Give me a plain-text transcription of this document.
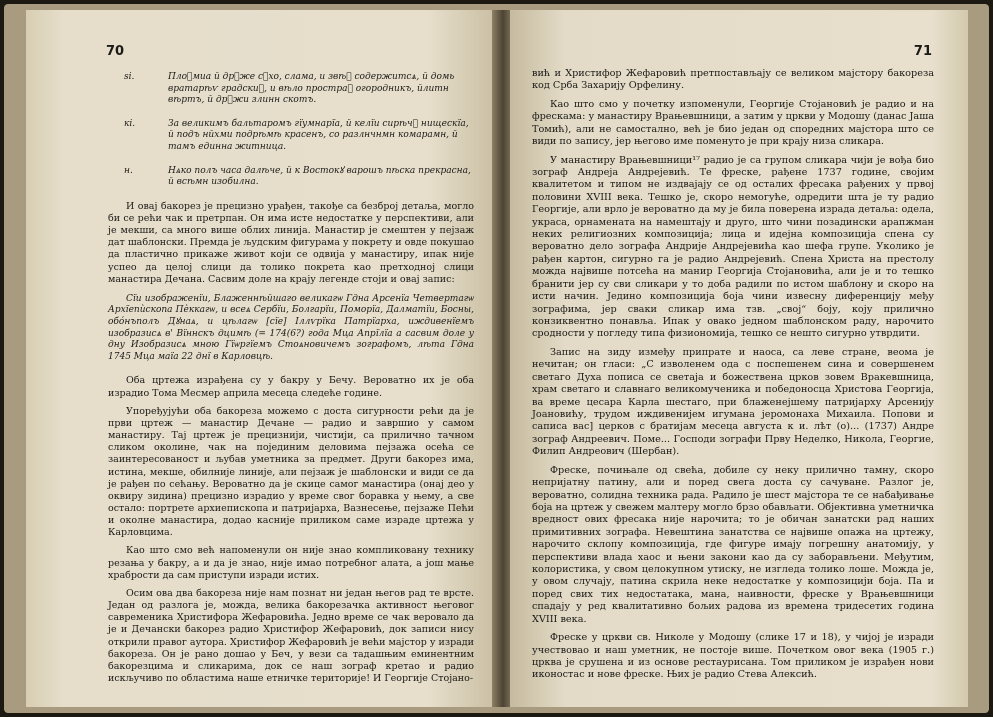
70
ѕі.	Плоⷣмиа й дрꙋже сꙋхо, слама, и звѣⷯ содержитсѧ, й домь вратарѣѵ градскиⷯ, и вѣло простраⷩ огородникъ, йлитн вѣртъ, й дрꙋжи злинн скотъ.
кі.	За великимъ бальтаромъ гїумнарїа, й келїи сирѣчⷩ нищескїа, й подъ нйхми подрѣмѣ красенъ, со разлнчнмн комарамн, й тамъ единна житница.
н.	Нѧко полъ часа далѣче, й к Востокꙋ варошъ пѣска прекрасна, й всѣмн изобилна.

И овај бакорез је прецизно урађен, такође са безброј детаља, могло би се рећи чак и претрпан. Он има исте недостатке у перспективи, али је мекши, са много више облих линија. Манастир је смештен у пејзаж дат шаблонски. Премда је људским фигурама у покрету и овде покушао да пластично прикаже живот који се одвија у манастиру, ипак није успео да целој слици да толико покрета као претходној слици манастира Дечана. Сасвим доле на крају легенде стоји и овај запис:

Сїи изображенїи, Блаженнѣйшаго великагѡ Гдна Арсенїа Четвертагѡ Архїепѝскопа Пѐккагѡ, и всеѧ Сербїи, Болгарїи, Поморїа, Далматїи, Босны, обо́нъполъ Дꙋнаѧ, и цѣлагѡ [сїе] Іллѵрїка Патрїарха, иждивенїемъ изобразисѧ в' Вїннскъ дцимѣ (= 174(6?) года Мца Апрїлїа а сасвим доле у дну Изобразисѧ мною Гїѡргїемъ Стоѧновичемъ зографомъ, лѣта Гдна 1745 Мца маїа 22 днї в Карловцѣ.

Оба цртежа израђена су у бакру у Бечу. Вероватно их је оба израдио Тома Месмер априла месеца следеће године.

Упоређујући оба бакореза можемо с доста сигурности рећи да је први цртеж — манастир Дечане — радио и завршио у самом манастиру. Тај цртеж је прецизнији, чистији, са прилично тачном сликом околине, чак на појединим деловима пејзажа осећа се заинтересованост и љубав уметника за предмет. Други бакорез има, истина, мекше, обилније линије, али пејзаж је шаблонски и види се да је рађен по сећању. Вероватно да је скице самог манастира (онај део у оквиру зидина) прецизно израдио у време свог боравка у њему, а све остало: портрете архиепископа и патријарха, Вазнесење, пејзаже Пећи и околне манастира, додао касније приликом саме израде цртежа у Карловцима.

Као што смо већ напоменули он није знао компликовану технику резања у бакру, а и да је знао, није имао потребног алата, а још мање храбрости да сам приступи изради истих.

Осим ова два бакореза није нам познат ни један његов рад те врсте. Један од разлога је, можда, велика бакорезачка активност његовог савременика Христифора Жефаровића. Једно време се чак веровало да је и Дечански бакорез радио Христифор Жефаровић, док записи нису открили правог аутора. Христифор Жефаровић је већи мајстор у изради бакореза. Он је рано дошао у Беч, у вези са тадашњим еминентним бакорезцима и сликарима, док се наш зограф кретао и радио искључиво по областима наше етничке територије! И Георгије Стојано-

71

вић и Христифор Жефаровић претпостављају се великом мајстору бакореза код Срба Захарију Орфелину.

Као што смо у почетку изпоменули, Георгије Стојановић је радио и на фрескама: у манастиру Врањевшници, а затим у цркви у Модошу (данас Јаша Томић), али не самостално, већ је био један од споредних мајстора што се види по запису, јер његово име поменуто је при крају низа сликара.

У манастиру Врањевшници¹⁷ радио је са групом сликара чији је вођа био зограф Андреја Андрејевић. Те фреске, рађене 1737 године, својим квалитетом и типом не издвајају се од осталих фресака рађених у првој половини XVIII века. Тешко је, скоро немогуће, одредити шта је ту радио Георгије, али врло је вероватно да му је била поверена израда детаља: одела, украса, орнамената на намештају и друго, што чини позадински арапжман неких религиозних композиција; лица и идејна композиција спена су вероватно дело зографа Андрије Андрејевића као шефа групе. Уколико је рађен картон, сигурно га је радио Андрејевић. Спена Христа на престолу можда највише потсећа на манир Георгија Стојановића, али је и то тешко бранити јер су сви сликари у то доба радили по истом шаблону и скоро на исти начин. Једино композиција боја чини извесну диференцију међу зографима, јер сваки сликар има тзв. „свој“ боју, коју прилично конзиквентно понавља. Ипак у овако једном шаблонском раду, нарочито сродности у погледу типа физиономија, тешко се нешто сигурно утврдити.

Запис на зиду између припрате и наоса, са леве стране, веома је нечитан; он гласи: „С изволенем ода с поспешенем сина и совершенем светаго Духа пописа се светаја и божествена црков зовем Вракевшница, храм светаго и славнаго великомученика и победоносца Христова Георгија, ва време цесара Карла шестаго, при блаженејшему патријарху Арсенију Јоановићу, трудом иждивенијем игумана јеромонаха Михаила. Попови и саписа вас] церков с братијам месеца августа к и. лѣт (о)... (1737) Андре зограф Андреевич. Поме... Господи зографи Прву Неделко, Никола, Георгие, Филип Андреович (Шербан).

Фреске, почињале од свећа, добиле су неку прилично тамну, скоро непријатну патину, али и поред свега доста су сачуване. Разлог је, вероватно, солидна техника рада. Радило је шест мајстора те се набађивање боја на цртеж у свежем малтеру могло брзо обављати. Објективна уметничка вредност ових фресака није нарочита; то је обичан занатски рад наших примитивних зографа. Невештина занатства се највише опажа на цртежу, нарочито склопу композиција, где фигуре имају погрешну анатомију, у перспективи влада хаос и њени закони као да су заборављени. Међутим, колористика, у свом целокупном утиску, не изгледа толико лоше. Можда је, у овом случају, патина скрила неке недостатке у композицији боја. Па и поред свих тих недостатака, мана, наивности, фреске у Врањевшници спадају у ред квалитативно бољих радова из времена тридесетих година XVIII века.

Фреске у цркви св. Николе у Модошу (слике 17 и 18), у чијој је изради учествовао и наш уметник, не постоје више. Почетком овог века (1905 г.) црква је срушена и из основе рестаурисана. Том приликом је израђен нови иконостас и нове фреске. Њих је радио Стева Алексић.
